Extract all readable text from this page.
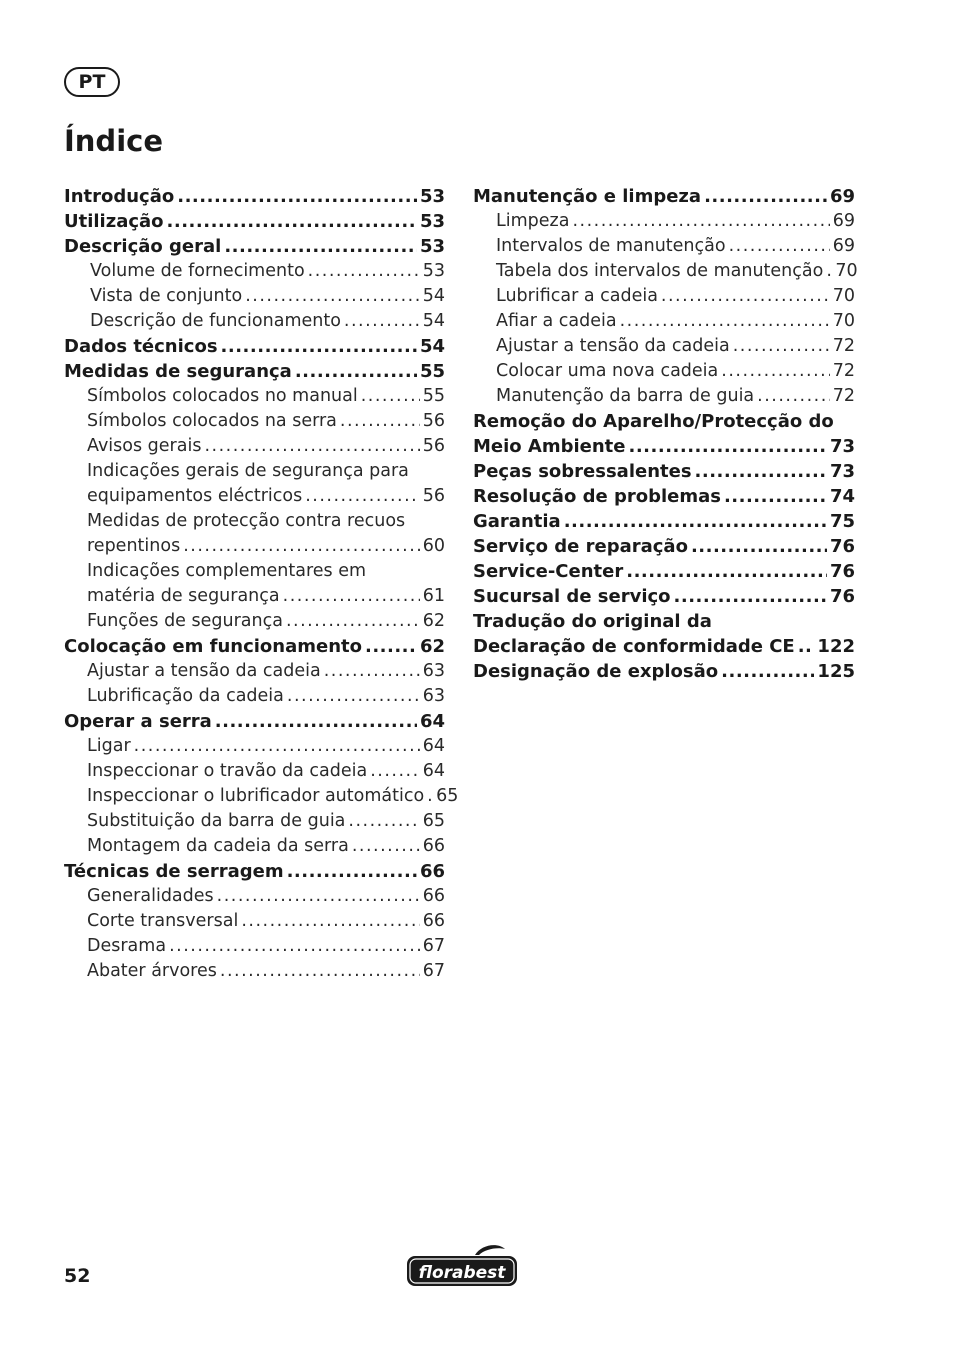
PT
Índice
Introdução .....	53
Utilização .....	53
Descrição geral .....	53
Volume de fornecimento .....	53
Vista de conjunto .....	54
Descrição de funcionamento .....	54
Dados técnicos .....	54
Medidas de segurança .....	55
Símbolos colocados no manual .....	55
Símbolos colocados na serra .....	56
Avisos gerais .....	56
Indicações gerais de segurança para
equipamentos eléctricos .....	56
Medidas de protecção contra recuos
repentinos .....	60
Indicações complementares em
matéria de segurança .....	61
Funções de segurança .....	62
Colocação em funcionamento .....	62
Ajustar a tensão da cadeia .....	63
Lubrificação da cadeia .....	63
Operar a serra .....	64
Ligar .....	64
Inspeccionar o travão da cadeia .....	64
Inspeccionar o lubrificador automático ..... 65
Substituição da barra de guia .....	65
Montagem da cadeia da serra .....	66
Técnicas de serragem .....	66
Generalidades .....	66
Corte transversal .....	66
Desrama .....	67
Abater árvores .....	67
Manutenção e limpeza .....	69
Limpeza .....	69
Intervalos de manutenção .....	69
Tabela dos intervalos de manutenção ..... 70
Lubrificar a cadeia .....	70
Afiar a cadeia .....	70
Ajustar a tensão da cadeia .....	72
Colocar uma nova cadeia .....	72
Manutenção da barra de guia .....	72
Remoção do Aparelho/Protecção do
Meio Ambiente .....	73
Peças sobressalentes .....	73
Resolução de problemas .....	74
Garantia .....	75
Serviço de reparação .....	76
Service-Center .....	76
Sucursal de serviço .....	76
Tradução do original da
Declaração de conformidade CE ..... 122
Designação de explosão .....	125
52	florabest
